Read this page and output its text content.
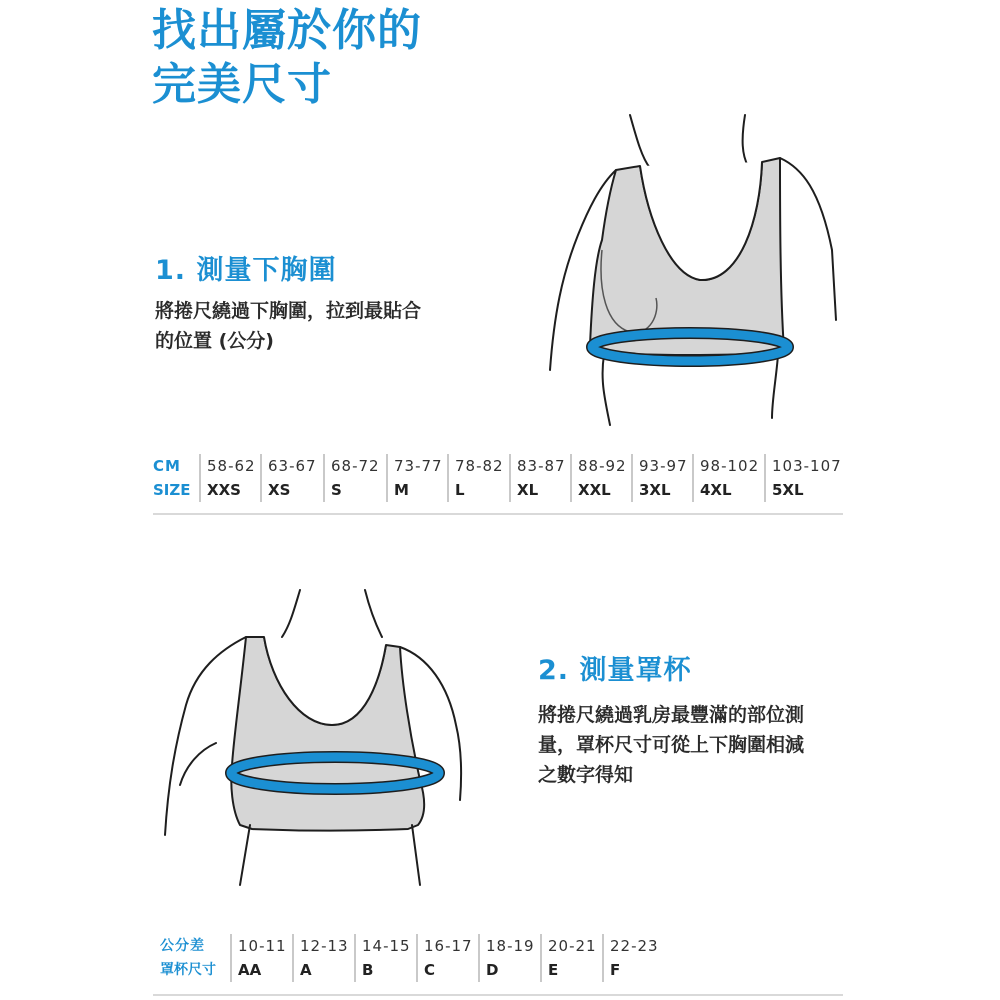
找出屬於你的
完美尺寸
1. 測量下胸圍

將捲尺繞過下胸圍，拉到最貼合
的位置 (公分)

CM
SIZE
58-62
XXS
63-67
XS
68-72
S
73-77
M
78-82
L
83-87
XL
88-92
XXL
93-97
3XL
98-102
4XL
103-107
5XL
2. 測量罩杯

將捲尺繞過乳房最豐滿的部位測
量，罩杯尺寸可從上下胸圍相減
之數字得知

公分差
罩杯尺寸
10-11
AA
12-13
A
14-15
B
16-17
C
18-19
D
20-21
E
22-23
F
